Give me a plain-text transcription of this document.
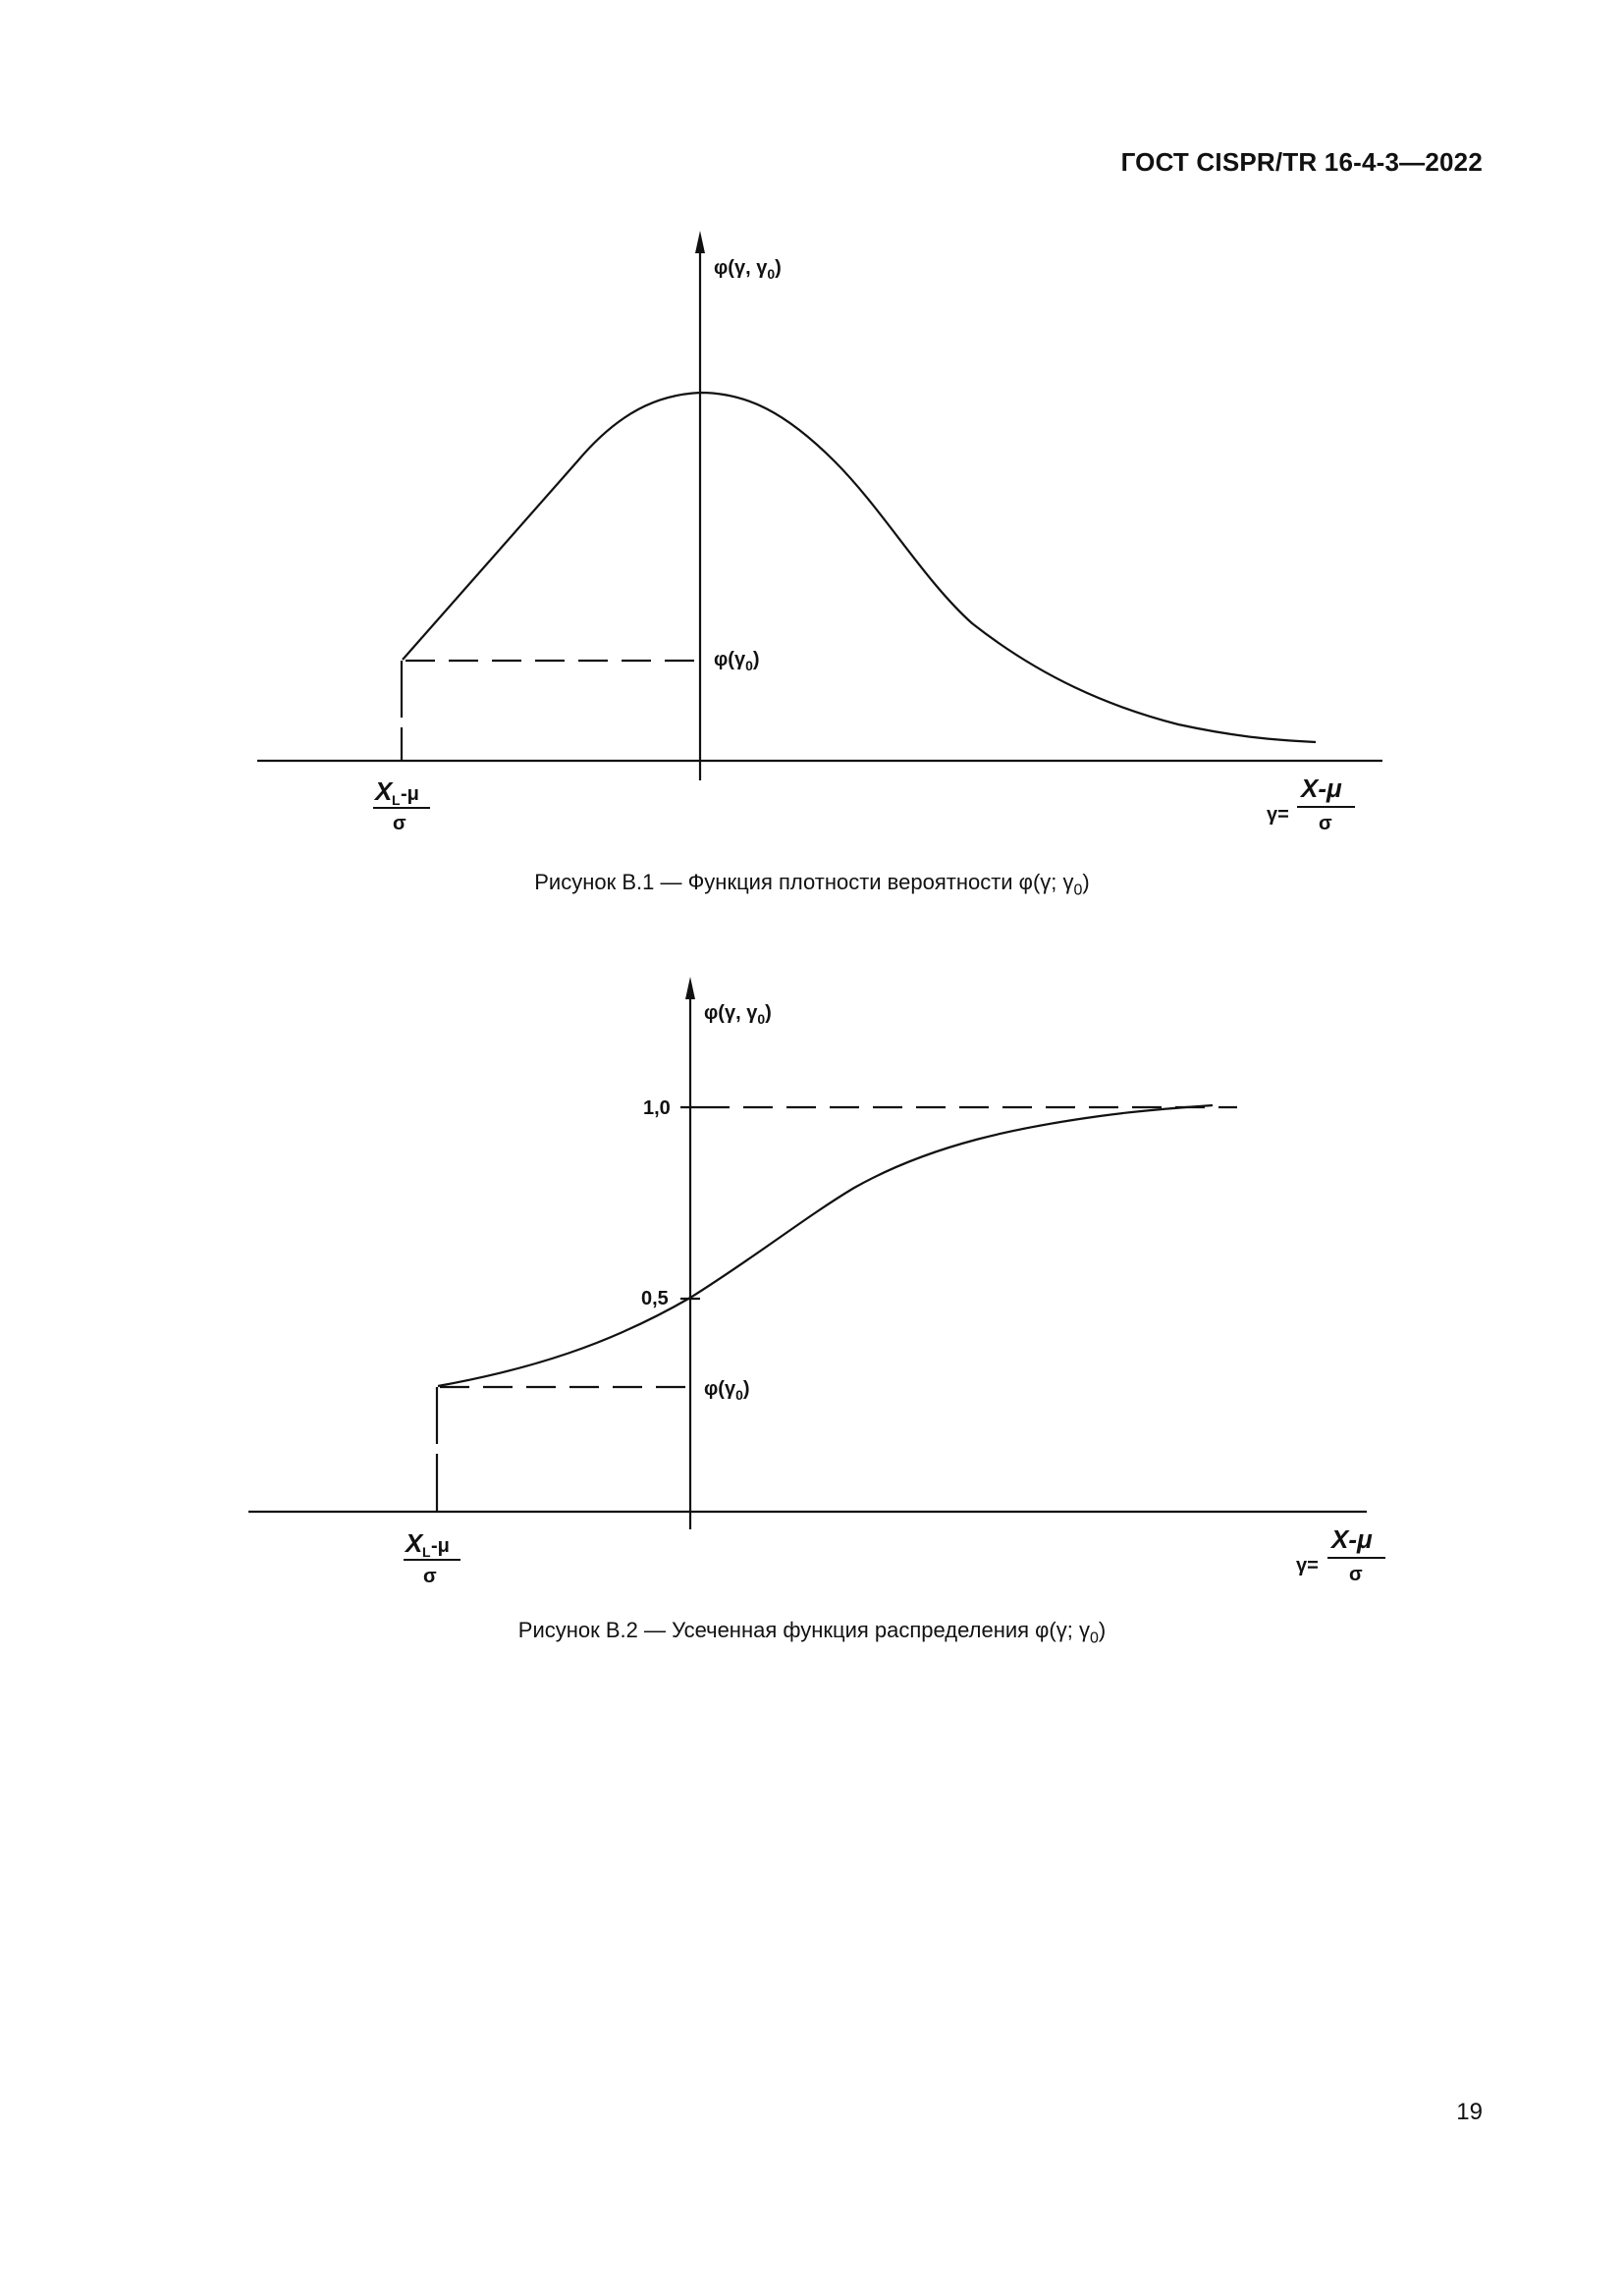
ГОСТ CISPR/TR 16-4-3—2022
φ(γ, $\gamma_0$)
$\varphi(\gamma_0)$
X L -μ
σ	γ=
X-μ
σ
Рисунок В.1 — Функция плотности вероятности φ(γ; $\gamma_0$)
φ(γ, $\gamma_0$)
1,0
0,5
$\varphi(\gamma_0)$
X L -μ
σ	γ=
X-μ
σ
Рисунок В.2 — Усеченная функция распределения φ(γ; $\gamma_0$)
19
